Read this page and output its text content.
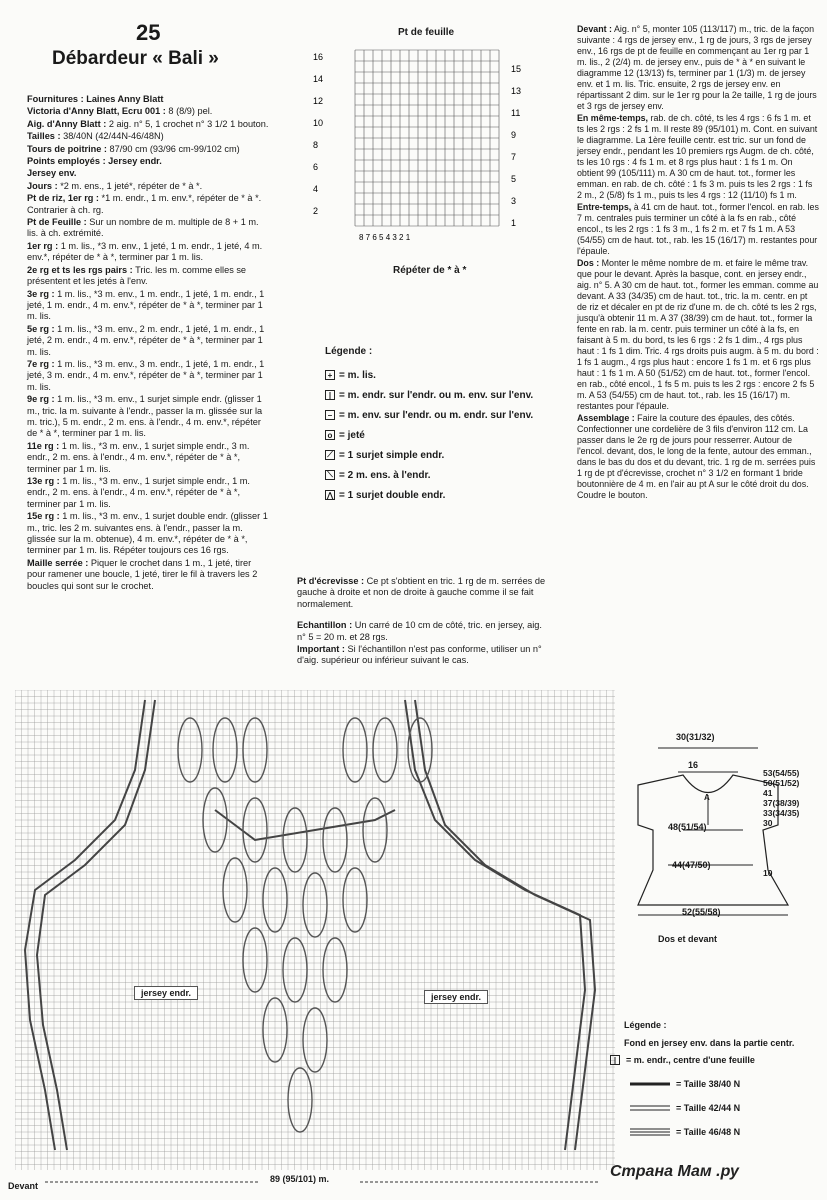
25
Débardeur « Bali »

Fournitures : Laines Anny Blatt

Victoria d'Anny Blatt, Ecru 001 : 8 (8/9) pel.

Aig. d'Anny Blatt : 2 aig. n° 5, 1 crochet n° 3 1/2 1 bouton.

Tailles : 38/40N (42/44N-46/48N)

Tours de poitrine : 87/90 cm (93/96 cm-99/102 cm)

Points employés : Jersey endr.

Jersey env.

Jours : *2 m. ens., 1 jeté*, répéter de * à *.

Pt de riz, 1er rg : *1 m. endr., 1 m. env.*, répéter de * à *. Contrarier à ch. rg.

Pt de Feuille : Sur un nombre de m. multiple de 8 + 1 m. lis. à ch. extrémité.

1er rg : 1 m. lis., *3 m. env., 1 jeté, 1 m. endr., 1 jeté, 4 m. env.*, répéter de * à *, terminer par 1 m. lis.

2e rg et ts les rgs pairs : Tric. les m. comme elles se présentent et les jetés à l'env.

3e rg : 1 m. lis., *3 m. env., 1 m. endr., 1 jeté, 1 m. endr., 1 jeté, 1 m. endr., 4 m. env.*, répéter de * à *, terminer par 1 m. lis.

5e rg : 1 m. lis., *3 m. env., 2 m. endr., 1 jeté, 1 m. endr., 1 jeté, 2 m. endr., 4 m. env.*, répéter de * à *, terminer par 1 m. lis.

7e rg : 1 m. lis., *3 m. env., 3 m. endr., 1 jeté, 1 m. endr., 1 jeté, 3 m. endr., 4 m. env.*, répéter de * à *, terminer par 1 m. lis.

9e rg : 1 m. lis., *3 m. env., 1 surjet simple endr. (glisser 1 m., tric. la m. suivante à l'endr., passer la m. glissée sur la m. tric.), 5 m. endr., 2 m. ens. à l'endr., 4 m. env.*, répéter de * à *, terminer par 1 m. lis.

11e rg : 1 m. lis., *3 m. env., 1 surjet simple endr., 3 m. endr., 2 m. ens. à l'endr., 4 m. env.*, répéter de * à *, terminer par 1 m. lis.

13e rg : 1 m. lis., *3 m. env., 1 surjet simple endr., 1 m. endr., 2 m. ens. à l'endr., 4 m. env.*, répéter de * à *, terminer par 1 m. lis.

15e rg : 1 m. lis., *3 m. env., 1 surjet double endr. (glisser 1 m., tric. les 2 m. suivantes ens. à l'endr., passer la m. glissée sur la m. obtenue), 4 m. env.*, répéter de * à *, terminer par 1 m. lis. Répéter toujours ces 16 rgs.

Maille serrée : Piquer le crochet dans 1 m., 1 jeté, tirer pour ramener une boucle, 1 jeté, tirer le fil à travers les 2 boucles qui sont sur le crochet.

Pt de feuille
16
14
12
10
8
6
4
2
15
13
11
9
7
5
3
1
8 7 6 5 4 3 2 1
Répéter de * à *
Légende :
+ = m. lis.
| = m. endr. sur l'endr. ou m. env. sur l'env.
– = m. env. sur l'endr. ou m. endr. sur l'env.
o = jeté
⟋ = 1 surjet simple endr.
⟍ = 2 m. ens. à l'endr.
⋀ = 1 surjet double endr.

Pt d'écrevisse : Ce pt s'obtient en tric. 1 rg de m. serrées de gauche à droite et non de droite à gauche comme il se fait normalement.

Echantillon : Un carré de 10 cm de côté, tric. en jersey, aig. n° 5 = 20 m. et 28 rgs.

Important : Si l'échantillon n'est pas conforme, utiliser un n° d'aig. supérieur ou inférieur suivant le cas.

Devant : Aig. n° 5, monter 105 (113/117) m., tric. de la façon suivante : 4 rgs de jersey env., 1 rg de jours, 3 rgs de jersey env., 16 rgs de pt de feuille en commençant au 1er rg par 1 m. lis., 2 (2/4) m. de jersey env., puis de * à * en suivant le diagramme 12 (13/13) fs, terminer par 1 (1/3) m. de jersey env. et 1 m. lis. Tric. ensuite, 2 rgs de jersey env. en répartissant 2 dim. sur le 1er rg pour la 2e taille, 1 rg de jours et 3 rgs de jersey env.

En même-temps, rab. de ch. côté, ts les 4 rgs : 6 fs 1 m. et ts les 2 rgs : 2 fs 1 m. Il reste 89 (95/101) m. Cont. en suivant le diagramme. La 1ère feuille centr. est tric. sur un fond de jersey endr., pendant les 10 premiers rgs Augm. de ch. côté, ts les 10 rgs : 4 fs 1 m. et 8 rgs plus haut : 1 fs 1 m. On obtient 99 (105/111) m. A 30 cm de haut. tot., former les emman. en rab. de ch. côté : 1 fs 3 m. puis ts les 2 rgs : 1 fs 2 m., 2 (5/8) fs 1 m., puis ts les 4 rgs : 12 (11/10) fs 1 m.

Entre-temps, à 41 cm de haut. tot., former l'encol. en rab. les 7 m. centrales puis terminer un côté à la fs en rab., côté encol., ts les 2 rgs : 1 fs 3 m., 1 fs 2 m. et 7 fs 1 m. A 53 (54/55) cm de haut. tot., rab. les 15 (16/17) m. restantes pour l'épaule.

Dos : Monter le même nombre de m. et faire le même trav. que pour le devant. Après la basque, cont. en jersey endr., aig. n° 5. A 30 cm de haut. tot., former les emman. comme au devant. A 33 (34/35) cm de haut. tot., tric. la m. centr. en pt de riz et décaler en pt de riz d'une m. de ch. côté ts les 2 rgs, jusqu'à obtenir 11 m. A 37 (38/39) cm de haut. tot., former la fente en rab. la m. centr. puis terminer un côté à la fs, en faisant à 5 m. du bord, ts les 6 rgs : 2 fs 1 dim., 4 rgs plus haut : 1 fs 1 dim. Tric. 4 rgs droits puis augm. à 5 m. du bord : 1 fs 1 augm., 4 rgs plus haut : encore 1 fs 1 m. et 6 rgs plus haut : 1 fs 1 m. A 50 (51/52) cm de haut. tot., former l'encol. en rab., côté encol., 1 fs 5 m. puis ts les 2 rgs : encore 2 fs 5 m. A 53 (54/55) cm de haut. tot., rab. les 15 (16/17) m. restantes pour l'épaule.

Assemblage : Faire la couture des épaules, des côtés. Confectionner une cordelière de 3 fils d'environ 112 cm. La passer dans le 2e rg de jours pour resserrer. Autour de l'encol. devant, dos, le long de la fente, autour des emman., dans le bas du dos et du devant, tric. 1 rg de m. serrées puis 1 rg de pt d'écrevisse, crochet n° 3 1/2 en formant 1 bride boutonnière de 4 m. en l'air au pt A sur le côté droit du dos. Coudre le bouton.

jersey endr.	jersey endr.
Devant
89 (95/101) m.
30(31/32)
16
A
48(51/54)
44(47/50)
52(55/58)
53(54/55)
50(51/52)
41
37(38/39)
33(34/35)
30
10
Dos et devant
Légende :
Fond en jersey env. dans la partie centr.
|	= m. endr., centre d'une feuille
= Taille 38/40 N
= Taille 42/44 N
= Taille 46/48 N
Страна Мам .ру
